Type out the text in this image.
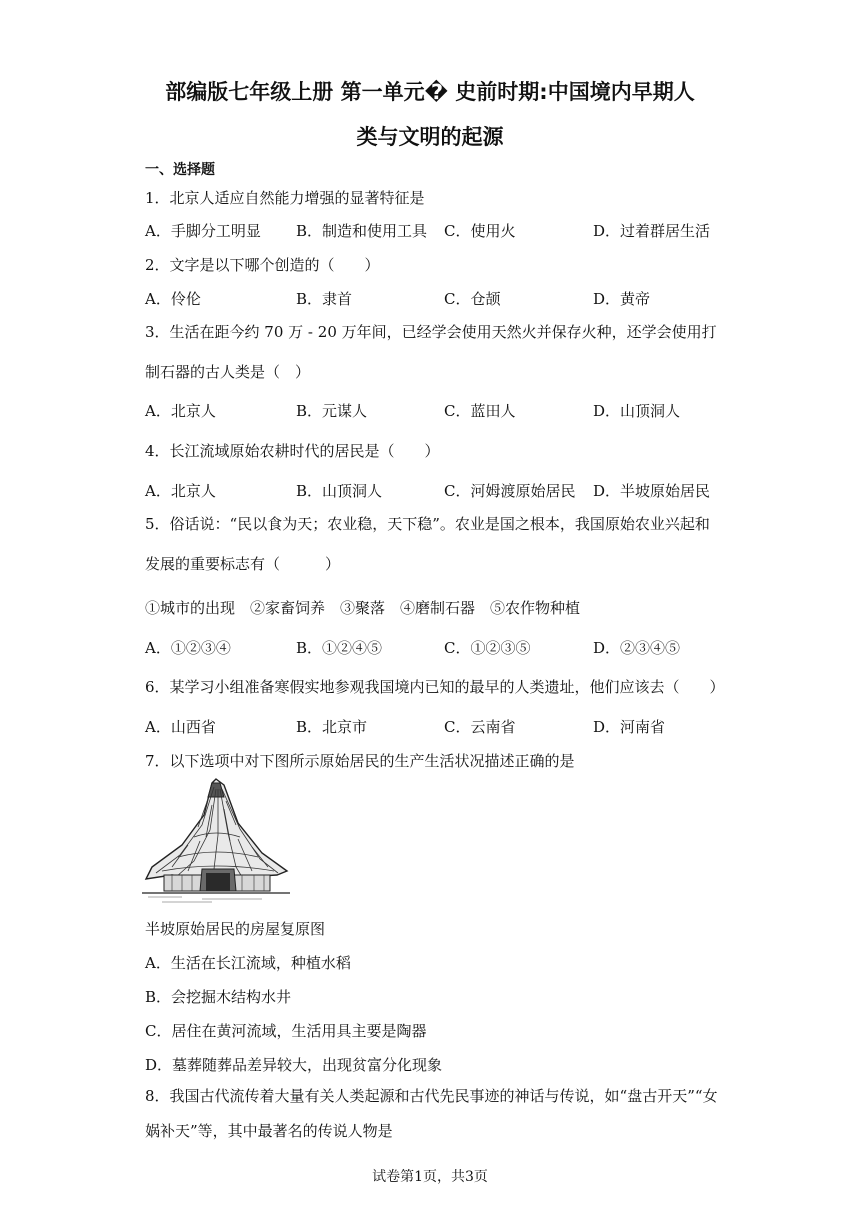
部编版七年级上册 第一单元� 史前时期:中国境内早期人
类与文明的起源
一、选择题
1．北京人适应自然能力增强的显著特征是
A．手脚分工明显 B．制造和使用工具 C．使用火	D．过着群居生活
2．文字是以下哪个创造的（　　）
A．伶伦	B．隶首	C．仓颉	D．黄帝
3．生活在距今约 70 万 - 20 万年间，已经学会使用天然火并保存火种，还学会使用打
制石器的古人类是（　）
A．北京人	B．元谋人	C．蓝田人	D．山顶洞人
4．长江流域原始农耕时代的居民是（　　）
A．北京人	B．山顶洞人	C．河姆渡原始居民 D．半坡原始居民
5．俗话说：“民以食为天；农业稳，天下稳”。农业是国之根本，我国原始农业兴起和
发展的重要标志有（　　　）
①城市的出现　②家畜饲养　③聚落　④磨制石器　⑤农作物种植
A．①②③④	B．①②④⑤	C．①②③⑤	D．②③④⑤
6．某学习小组准备寒假实地参观我国境内已知的最早的人类遗址，他们应该去（　　）
A．山西省	B．北京市	C．云南省	D．河南省
7．以下选项中对下图所示原始居民的生产生活状况描述正确的是
半坡原始居民的房屋复原图
A．生活在长江流域，种植水稻
B．会挖掘木结构水井
C．居住在黄河流域，生活用具主要是陶器
D．墓葬随葬品差异较大，出现贫富分化现象
8．我国古代流传着大量有关人类起源和古代先民事迹的神话与传说，如“盘古开天”“女
娲补天”等，其中最著名的传说人物是
试卷第1页，共3页
